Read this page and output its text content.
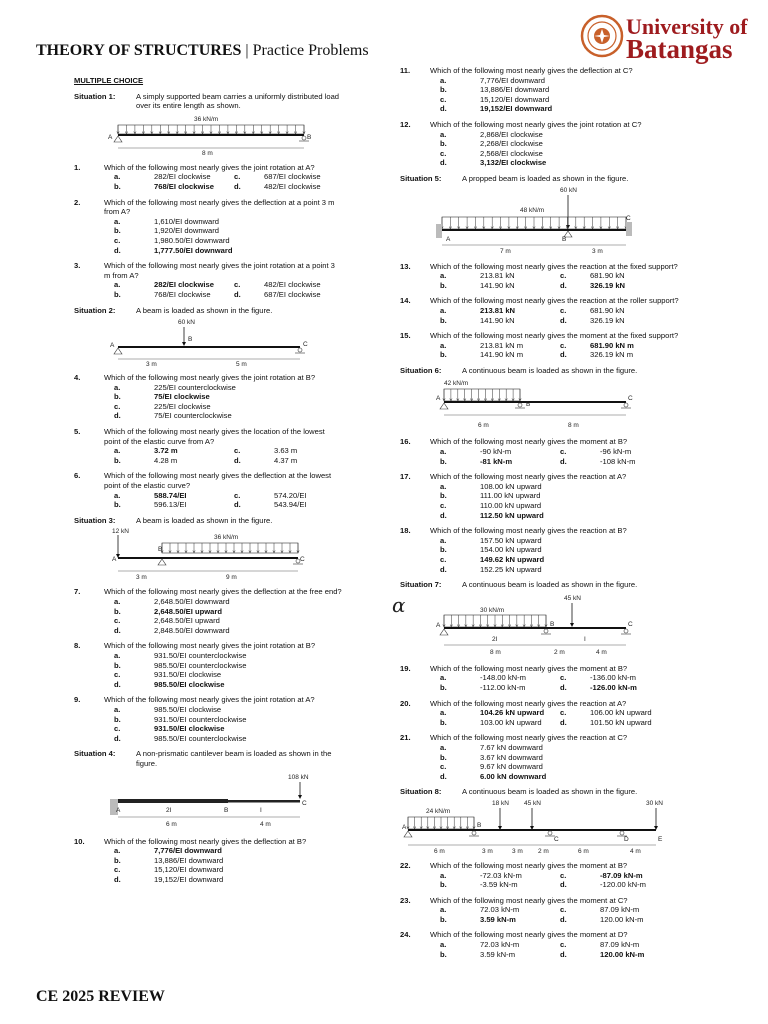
THEORY OF STRUCTURES | Practice Problems
University of
Batangas
MULTIPLE CHOICE
Situation 1:	A simply supported beam carries a uniformly distributed load over its entire length as shown.
36 kN/m
A	B
8 m
1.	Which of the following most nearly gives the joint rotation at A?
a.	282/EI clockwise	c.	687/EI clockwise
b.	768/EI clockwise	d.	482/EI clockwise
2.	Which of the following most nearly gives the deflection at a point 3 m from A?
a.	1,610/EI downward
b.	1,920/EI downward
c.	1,980.50/EI downward
d.	1,777.50/EI downward
3.	Which of the following most nearly gives the joint rotation at a point 3 m from A?
a.	282/EI clockwise	c.	482/EI clockwise
b.	768/EI clockwise	d.	687/EI clockwise
Situation 2:	A beam is loaded as shown in the figure.
60 kN
B
A	C
3 m	5 m
4.	Which of the following most nearly gives the joint rotation at B?
a.	225/EI counterclockwise
b.	75/EI clockwise
c.	225/EI clockwise
d.	75/EI counterclockwise
5.	Which of the following most nearly gives the location of the lowest point of the elastic curve from A?
a.	3.72 m	c.	3.63 m
b.	4.28 m	d.	4.37 m
6.	Which of the following most nearly gives the deflection at the lowest point of the elastic curve?
a.	588.74/EI	c.	574.20/EI
b.	596.13/EI	d.	543.94/EI
Situation 3:	A beam is loaded as shown in the figure.
12 kN
36 kN/m
A
B
C
3 m	9 m
7.	Which of the following most nearly gives the deflection at the free end?
a.	2,648.50/EI downward
b.	2,648.50/EI upward
c.	2,648.50/EI upward
d.	2,848.50/EI downward
8.	Which of the following most nearly gives the joint rotation at B?
a.	931.50/EI counterclockwise
b.	985.50/EI counterclockwise
c.	931.50/EI clockwise
d.	985.50/EI clockwise
9.	Which of the following most nearly gives the joint rotation at A?
a.	985.50/EI clockwise
b.	931.50/EI counterclockwise
c.	931.50/EI clockwise
d.	985.50/EI counterclockwise
Situation 4:	A non-prismatic cantilever beam is loaded as shown in the figure.
108 kN
A	B
C
2I	I
6 m	4 m
10.	Which of the following most nearly gives the deflection at B?
a.	7,776/EI downward
b.	13,886/EI downward
c.	15,120/EI downward
d.	19,152/EI downward
11.	Which of the following most nearly gives the deflection at C?
a.	7,776/EI downward
b.	13,886/EI downward
c.	15,120/EI downward
d.	19,152/EI downward
12.	Which of the following most nearly gives the joint rotation at C?
a.	2,868/EI clockwise
b.	2,268/EI clockwise
c.	2,568/EI clockwise
d.	3,132/EI clockwise
Situation 5:	A propped beam is loaded as shown in the figure.
60 kN
48 kN/m
A	B
C
7 m	3 m
13.	Which of the following most nearly gives the reaction at the fixed support?
a.	213.81 kN	c.	681.90 kN
b.	141.90 kN	d.	326.19 kN
14.	Which of the following most nearly gives the reaction at the roller support?
a.	213.81 kN	c.	681.90 kN
b.	141.90 kN	d.	326.19 kN
15.	Which of the following most nearly gives the moment at the fixed support?
a.	213.81 kN m	c.	681.90 kN m
b.	141.90 kN m	d.	326.19 kN m
Situation 6:	A continuous beam is loaded as shown in the figure.
42 kN/m
A
B
C
6 m	8 m
16.	Which of the following most nearly gives the moment at B?
a.	-90 kN-m	c.	-96 kN-m
b.	-81 kN-m	d.	-108 kN-m
17.	Which of the following most nearly gives the reaction at A?
a.	108.00 kN upward
b.	111.00 kN upward
c.	110.00 kN upward
d.	112.50 kN upward
18.	Which of the following most nearly gives the reaction at B?
a.	157.50 kN upward
b.	154.00 kN upward
c.	149.62 kN upward
d.	152.25 kN upward
Situation 7:	A continuous beam is loaded as shown in the figure.
α	45 kN
30 kN/m
A	B	C
2I	I
8 m	2 m	4 m
19.	Which of the following most nearly gives the moment at B?
a.	-148.00 kN-m	c.	-136.00 kN-m
b.	-112.00 kN-m	d.	-126.00 kN-m
20.	Which of the following most nearly gives the reaction at A?
a.	104.26 kN upward c.	106.00 kN upward
b.	103.00 kN upward d.	101.50 kN upward
21.	Which of the following most nearly gives the reaction at C?
a.	7.67 kN downward
b.	3.67 kN downward
c.	9.67 kN downward
d.	6.00 kN downward
Situation 8:	A continuous beam is loaded as shown in the figure.
24 kN/m
18 kN 45 kN	30 kN
A	B
C	D	E
6 m	3 m	3 m 2 m	6 m	4 m
22.	Which of the following most nearly gives the moment at B?
a.	-72.03 kN-m	c.	-87.09 kN-m
b.	-3.59 kN-m	d.	-120.00 kN-m
23.	Which of the following most nearly gives the moment at C?
a.	72.03 kN-m	c.	87.09 kN-m
b.	3.59 kN-m	d.	120.00 kN-m
24.	Which of the following most nearly gives the moment at D?
a.	72.03 kN-m	c.	87.09 kN-m
b.	3.59 kN-m	d.	120.00 kN-m
CE 2025 REVIEW
